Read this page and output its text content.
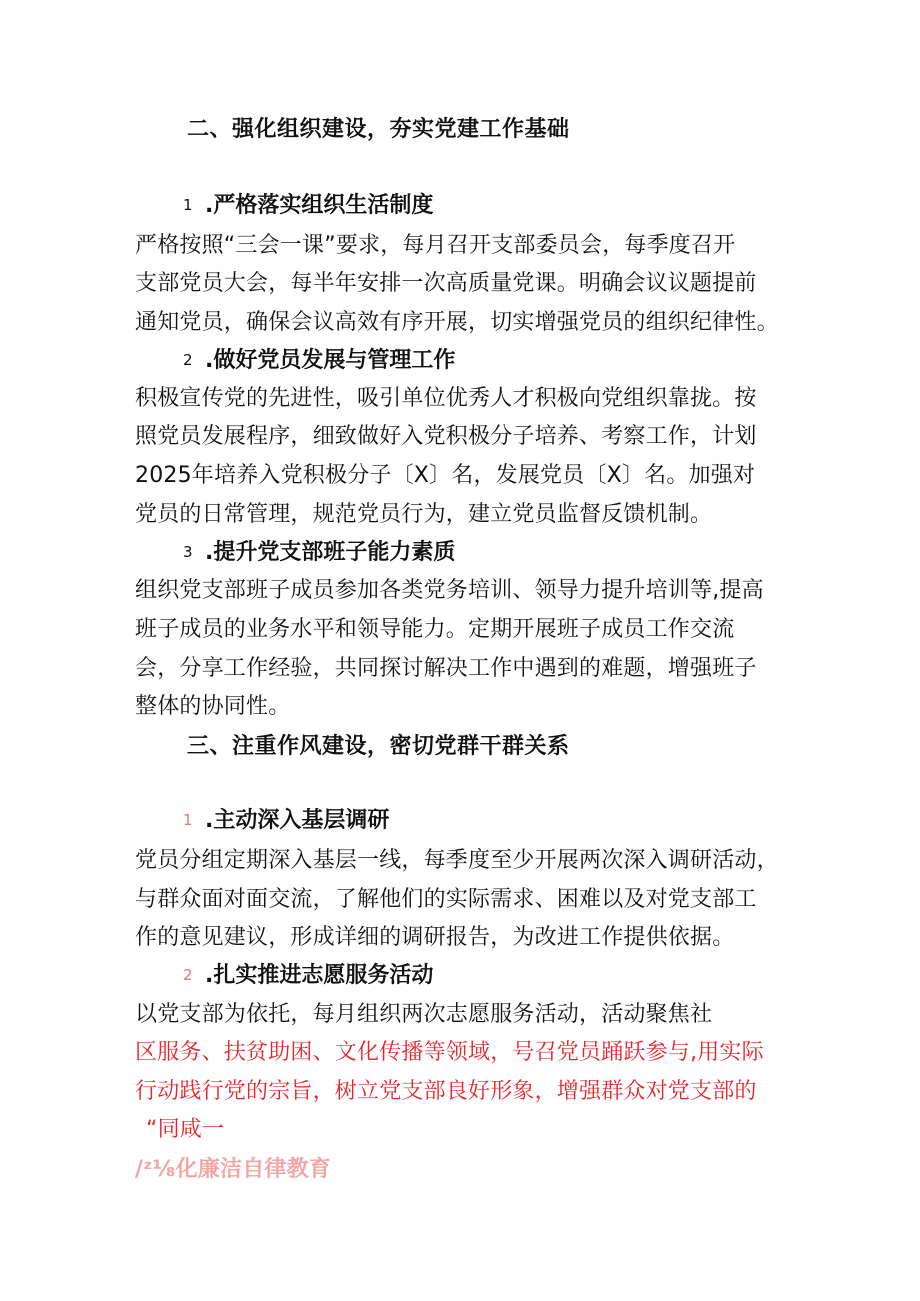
二、强化组织建设，夯实党建工作基础
1 .严格落实组织生活制度
严格按照“三会一课”要求，每月召开支部委员会，每季度召开
支部党员大会，每半年安排一次高质量党课。明确会议议题提前
通知党员，确保会议高效有序开展，切实增强党员的组织纪律性。
2 .做好党员发展与管理工作
积极宣传党的先进性，吸引单位优秀人才积极向党组织靠拢。按
照党员发展程序，细致做好入党积极分子培养、考察工作，计划
2025年培养入党积极分子〔X〕名，发展党员〔X〕名。加强对
党员的日常管理，规范党员行为，建立党员监督反馈机制。
3 .提升党支部班子能力素质
组织党支部班子成员参加各类党务培训、领导力提升培训等,提高
班子成员的业务水平和领导能力。定期开展班子成员工作交流
会，分享工作经验，共同探讨解决工作中遇到的难题，增强班子
整体的协同性。
三、注重作风建设，密切党群干群关系
1 .主动深入基层调研
党员分组定期深入基层一线，每季度至少开展两次深入调研活动，
与群众面对面交流，了解他们的实际需求、困难以及对党支部工
作的意见建议，形成详细的调研报告，为改进工作提供依据。
2 .扎实推进志愿服务活动
以党支部为依托，每月组织两次志愿服务活动，活动聚焦社
区服务、扶贫助困、文化传播等领域，号召党员踊跃参与,用实际
行动践行党的宗旨，树立党支部良好形象，增强群众对党支部的
“同咸一
/ᶻ⅛化廉洁自律教育
